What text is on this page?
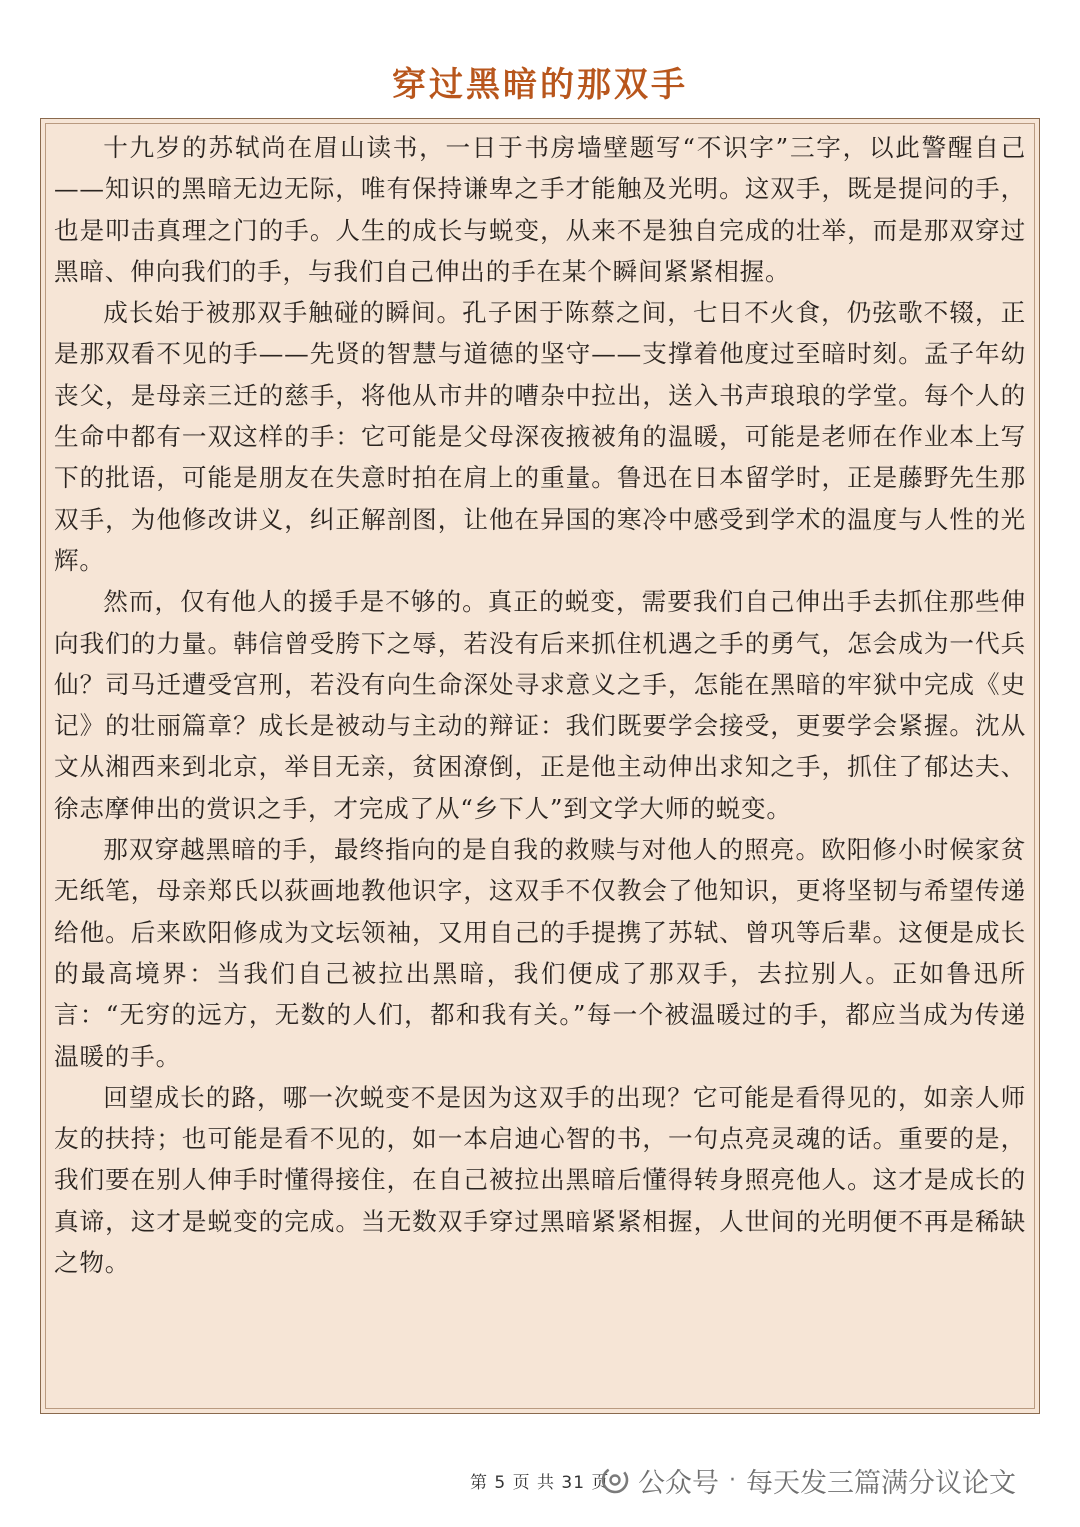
穿过黑暗的那双手

十九岁的苏轼尚在眉山读书，一日于书房墙壁题写“不识字”三字，以此警醒自己——知识的黑暗无边无际，唯有保持谦卑之手才能触及光明。这双手，既是提问的手，也是叩击真理之门的手。人生的成长与蜕变，从来不是独自完成的壮举，而是那双穿过黑暗、伸向我们的手，与我们自己伸出的手在某个瞬间紧紧相握。

成长始于被那双手触碰的瞬间。孔子困于陈蔡之间，七日不火食，仍弦歌不辍，正是那双看不见的手——先贤的智慧与道德的坚守——支撑着他度过至暗时刻。孟子年幼丧父，是母亲三迁的慈手，将他从市井的嘈杂中拉出，送入书声琅琅的学堂。每个人的生命中都有一双这样的手：它可能是父母深夜掖被角的温暖，可能是老师在作业本上写下的批语，可能是朋友在失意时拍在肩上的重量。鲁迅在日本留学时，正是藤野先生那双手，为他修改讲义，纠正解剖图，让他在异国的寒冷中感受到学术的温度与人性的光辉。

然而，仅有他人的援手是不够的。真正的蜕变，需要我们自己伸出手去抓住那些伸向我们的力量。韩信曾受胯下之辱，若没有后来抓住机遇之手的勇气，怎会成为一代兵仙？司马迁遭受宫刑，若没有向生命深处寻求意义之手，怎能在黑暗的牢狱中完成《史记》的壮丽篇章？成长是被动与主动的辩证：我们既要学会接受，更要学会紧握。沈从文从湘西来到北京，举目无亲，贫困潦倒，正是他主动伸出求知之手，抓住了郁达夫、徐志摩伸出的赏识之手，才完成了从“乡下人”到文学大师的蜕变。

那双穿越黑暗的手，最终指向的是自我的救赎与对他人的照亮。欧阳修小时候家贫无纸笔，母亲郑氏以荻画地教他识字，这双手不仅教会了他知识，更将坚韧与希望传递给他。后来欧阳修成为文坛领袖，又用自己的手提携了苏轼、曾巩等后辈。这便是成长的最高境界：当我们自己被拉出黑暗，我们便成了那双手，去拉别人。正如鲁迅所言：“无穷的远方，无数的人们，都和我有关。”每一个被温暖过的手，都应当成为传递温暖的手。

回望成长的路，哪一次蜕变不是因为这双手的出现？它可能是看得见的，如亲人师友的扶持；也可能是看不见的，如一本启迪心智的书，一句点亮灵魂的话。重要的是，我们要在别人伸手时懂得接住，在自己被拉出黑暗后懂得转身照亮他人。这才是成长的真谛，这才是蜕变的完成。当无数双手穿过黑暗紧紧相握，人世间的光明便不再是稀缺之物。

第 5 页 共 31 页 公众号 · 每天发三篇满分议论文
